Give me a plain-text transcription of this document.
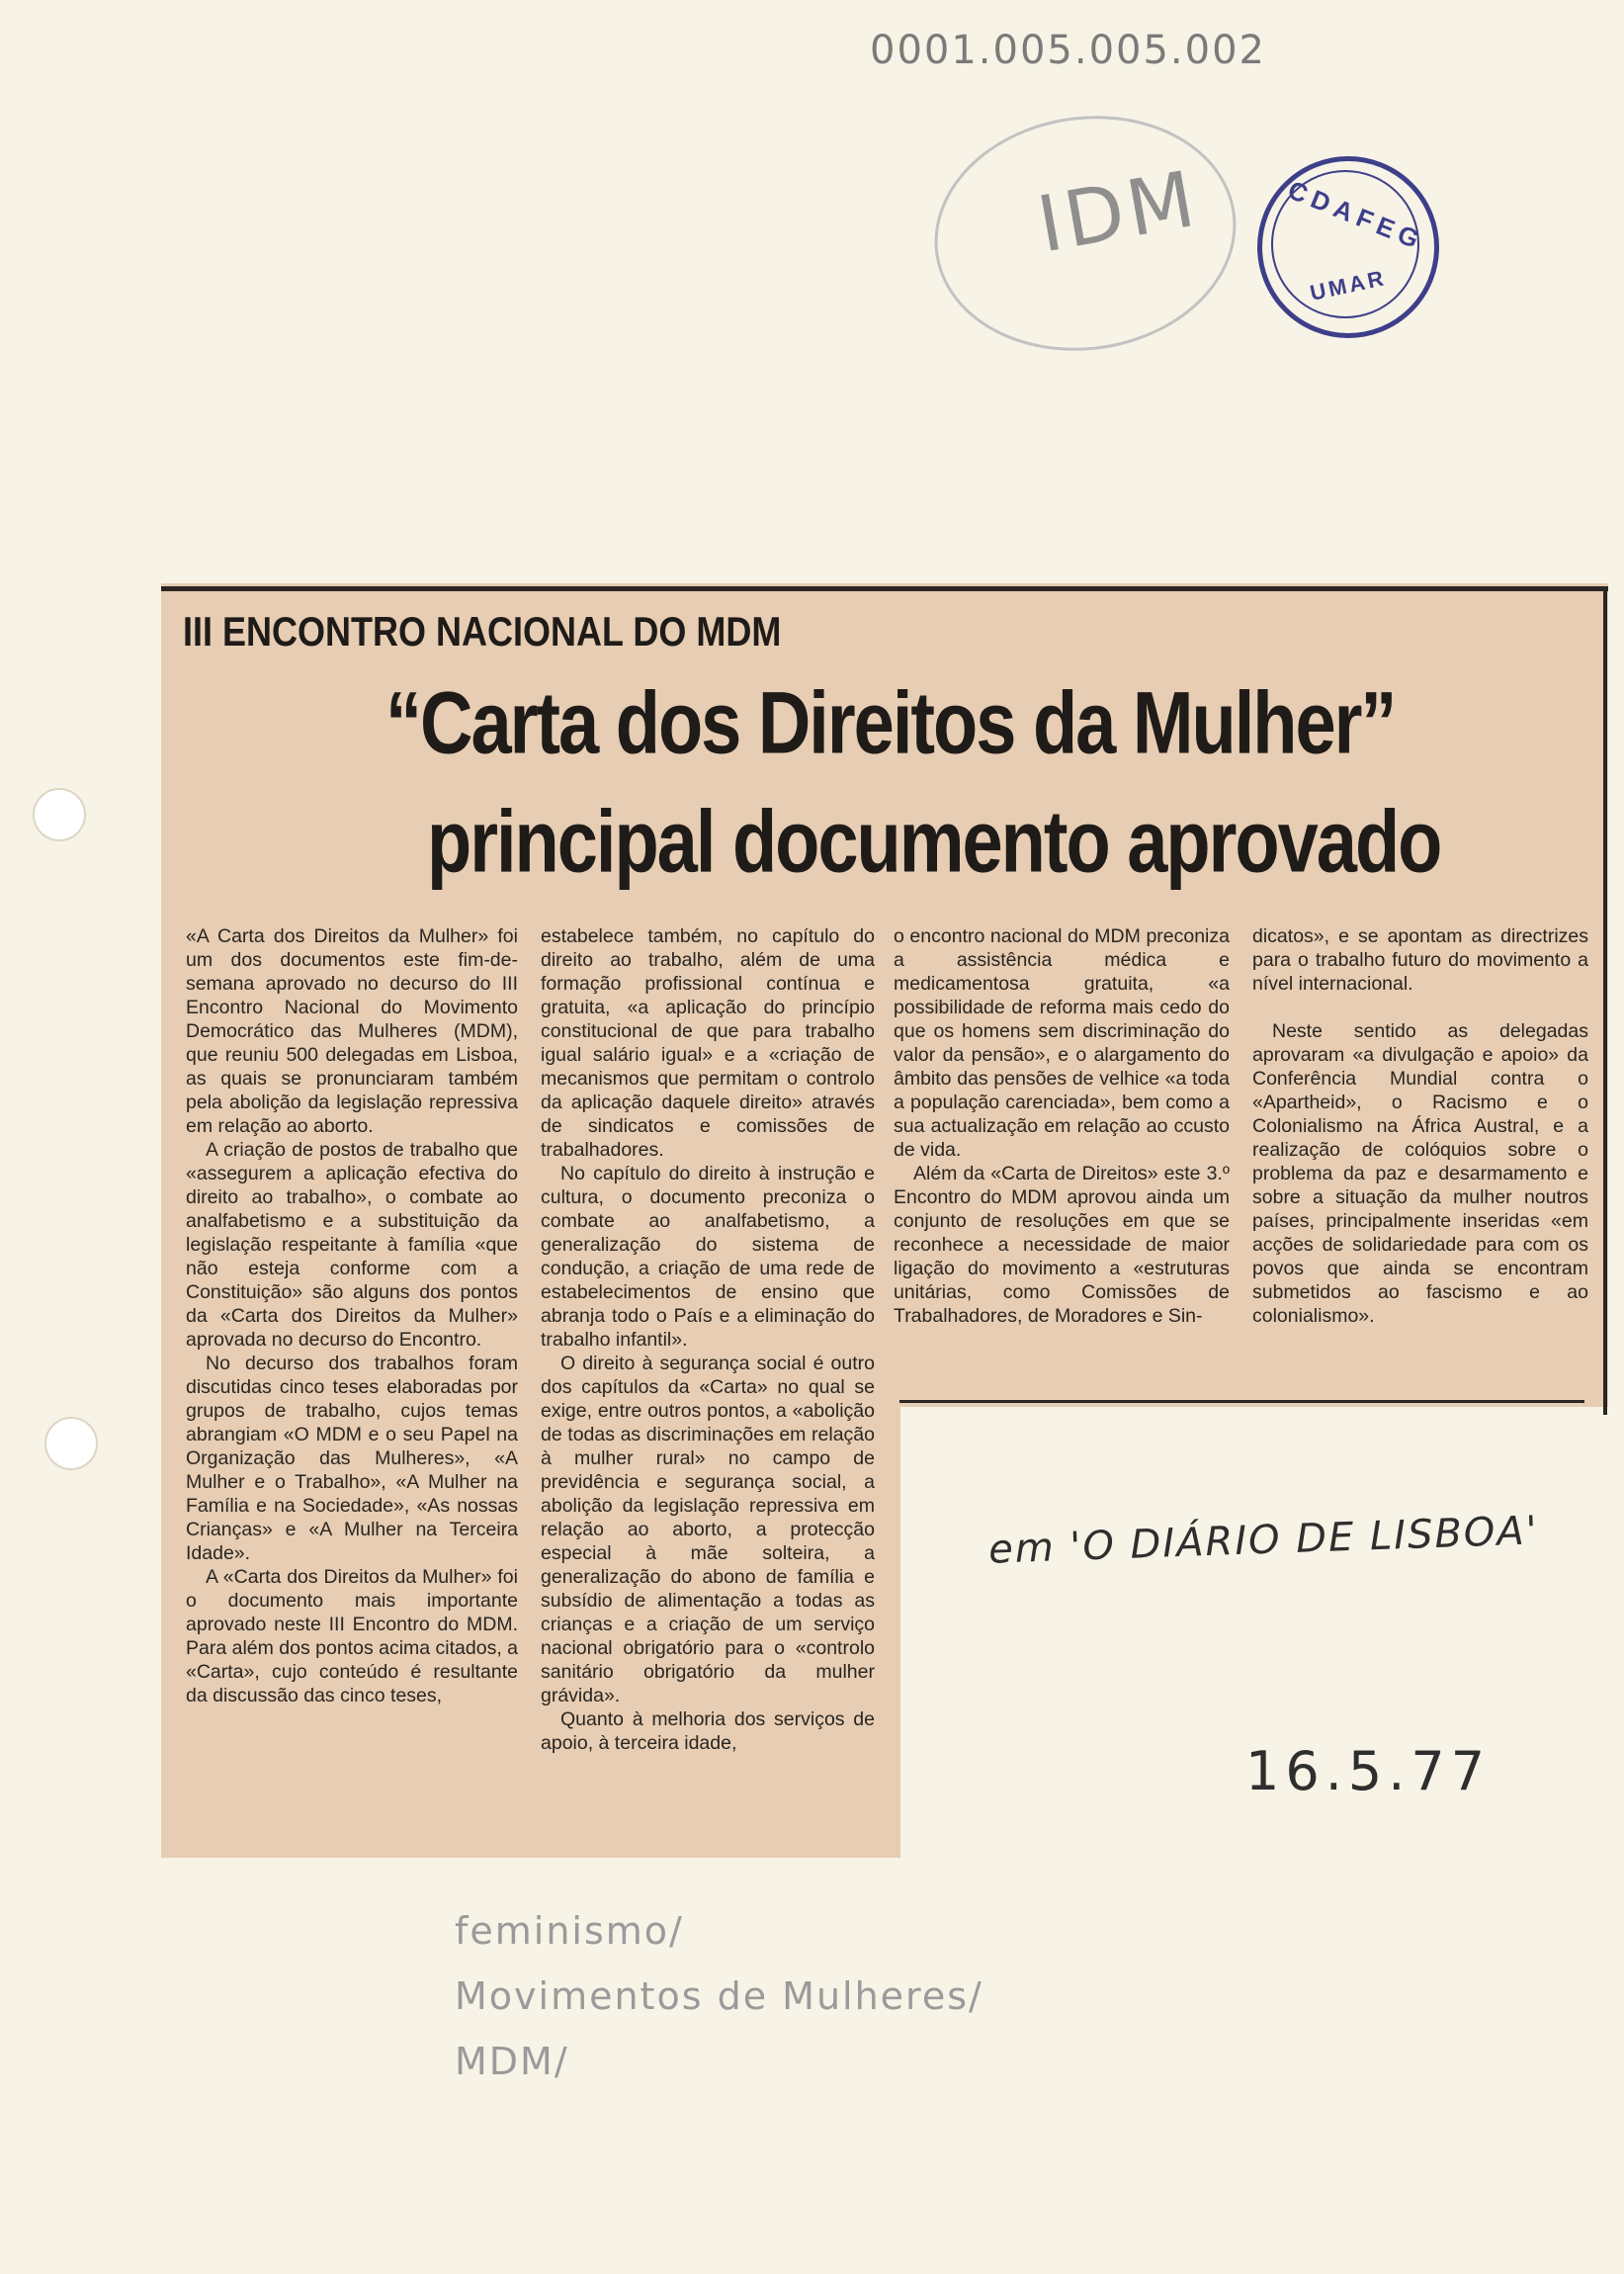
0001.005.005.002
IDM	CDAFEG
UMAR
III ENCONTRO NACIONAL DO MDM
“Carta dos Direitos da Mulher”
principal documento aprovado

«A Carta dos Direitos da Mulher» foi um dos documentos este fim-de-semana aprovado no decurso do III Encontro Nacional do Movimento Democrático das Mulheres (MDM), que reuniu 500 delegadas em Lisboa, as quais se pronunciaram também pela abolição da legislação repressiva em relação ao aborto.

A criação de postos de trabalho que «assegurem a aplicação efectiva do direito ao trabalho», o combate ao analfabetismo e a substituição da legislação respeitante à família «que não esteja conforme com a Constituição» são alguns dos pontos da «Carta dos Direitos da Mulher» aprovada no decurso do Encontro.

No decurso dos trabalhos foram discutidas cinco teses elaboradas por grupos de trabalho, cujos temas abrangiam «O MDM e o seu Papel na Organização das Mulheres», «A Mulher e o Trabalho», «A Mulher na Família e na Sociedade», «As nossas Crianças» e «A Mulher na Terceira Idade».

A «Carta dos Direitos da Mulher» foi o documento mais importante aprovado neste III Encontro do MDM. Para além dos pontos acima citados, a «Carta», cujo conteúdo é resultante da discussão das cinco teses,

estabelece também, no capítulo do direito ao trabalho, além de uma formação profissional contínua e gratuita, «a aplicação do princípio constitucional de que para trabalho igual salário igual» e a «criação de mecanismos que permitam o controlo da aplicação daquele direito» através de sindicatos e comissões de trabalhadores.

No capítulo do direito à instrução e cultura, o documento preconiza o combate ao analfabetismo, a generalização do sistema de condução, a criação de uma rede de estabelecimentos de ensino que abranja todo o País e a eliminação do trabalho infantil».

O direito à segurança social é outro dos capítulos da «Carta» no qual se exige, entre outros pontos, a «abolição de todas as discriminações em relação à mulher rural» no campo de previdência e segurança social, a abolição da legislação repressiva em relação ao aborto, a protecção especial à mãe solteira, a generalização do abono de família e subsídio de alimentação a todas as crianças e a criação de um serviço nacional obrigatório para o «controlo sanitário obrigatório da mulher grávida».

Quanto à melhoria dos serviços de apoio, à terceira idade,

o encontro nacional do MDM preconiza a assistência médica e medicamentosa gratuita, «a possibilidade de reforma mais cedo do que os homens sem discriminação do valor da pensão», e o alargamento do âmbito das pensões de velhice «a toda a população carenciada», bem como a sua actualização em relação ao ccusto de vida.

Além da «Carta de Direitos» este 3.º Encontro do MDM aprovou ainda um conjunto de resoluções em que se reconhece a necessidade de maior ligação do movimento a «estruturas unitárias, como Comissões de Trabalhadores, de Moradores e Sin-

dicatos», e se apontam as directrizes para o trabalho futuro do movimento a nível internacional.

Neste sentido as delegadas aprovaram «a divulgação e apoio» da Conferência Mundial contra o «Apartheid», o Racismo e o Colonialismo na África Austral, e a realização de colóquios sobre o problema da paz e desarmamento e sobre a situação da mulher noutros países, principalmente inseridas «em acções de solidariedade para com os povos que ainda se encontram submetidos ao fascismo e ao colonialismo».

em 'O DIÁRIO DE LISBOA'
16.5.77
feminismo/
Movimentos de Mulheres/
MDM/
